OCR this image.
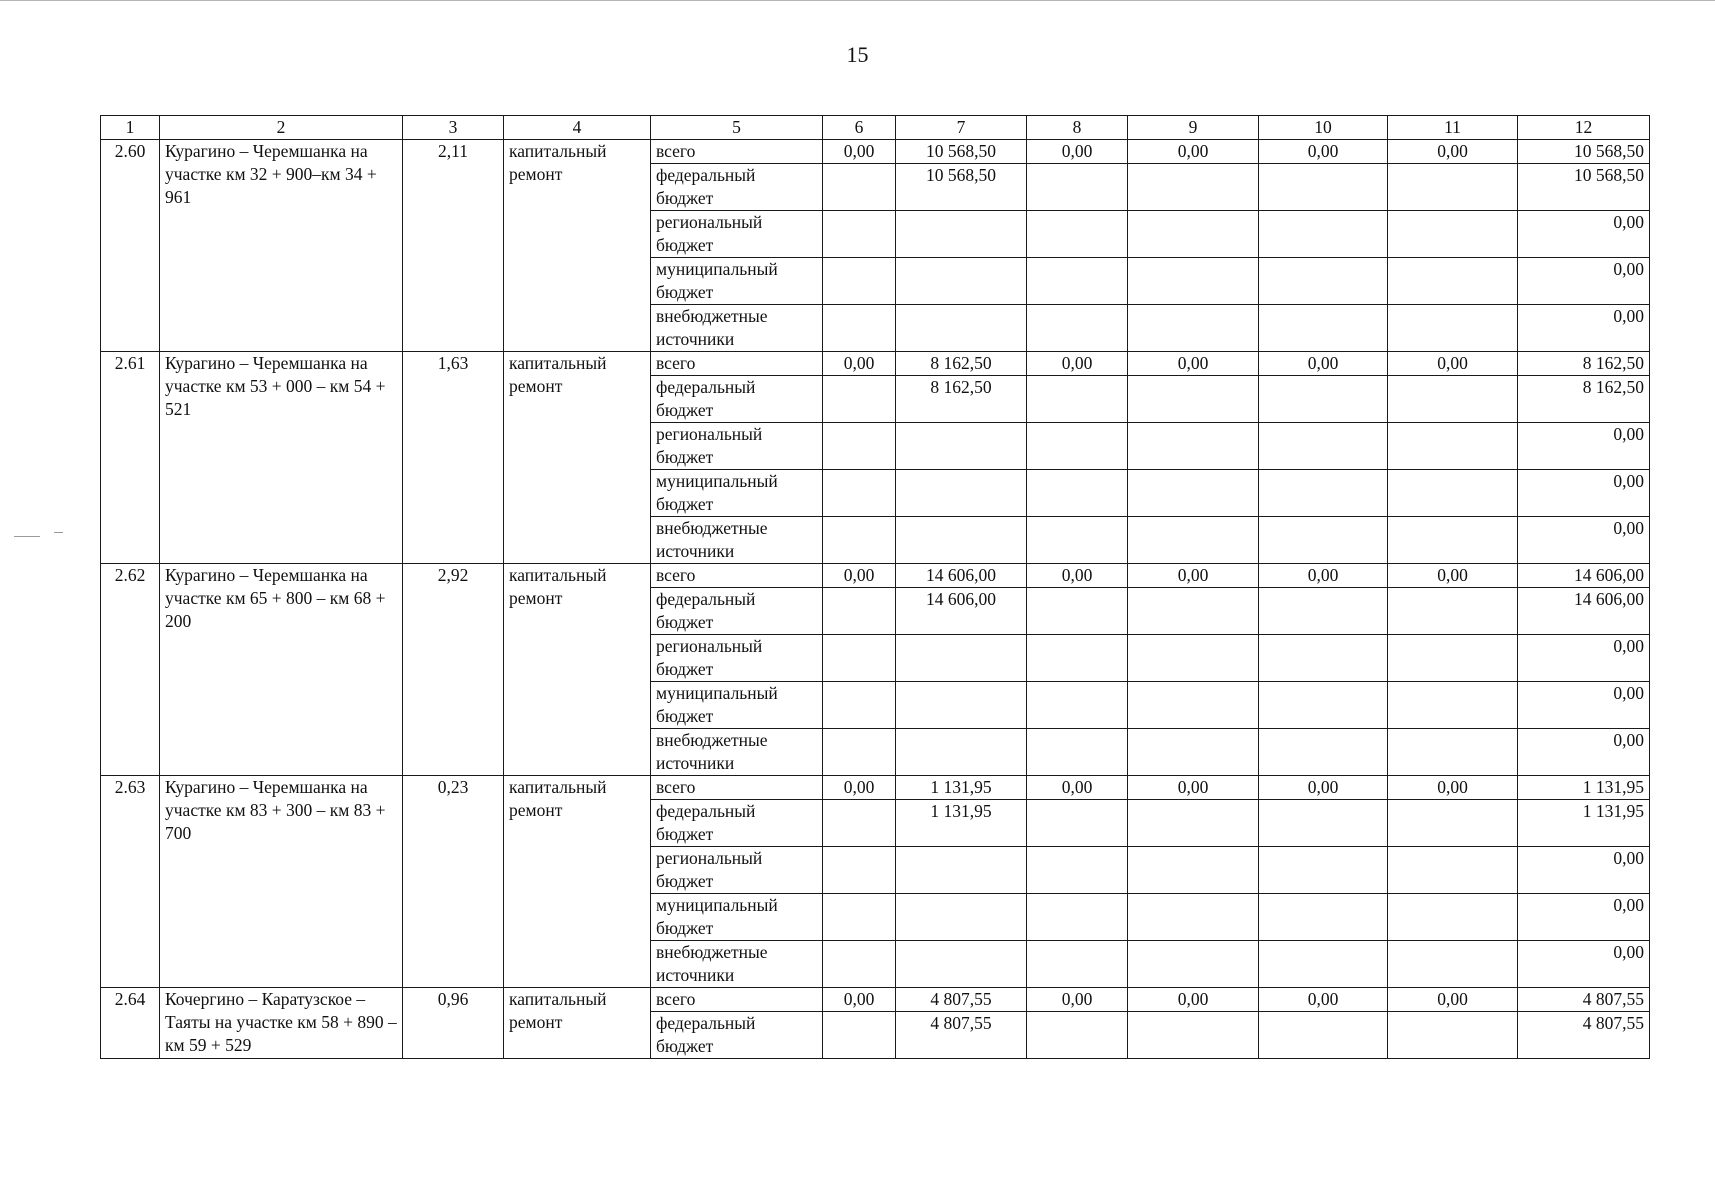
15
1	2	3	4	5	6	7	8	9	10	11	12
2.60	Курагино – Черемшанка на участке км 32 + 900–км 34 + 961	2,11	капитальный ремонт	всего	0,00	10 568,50	0,00	0,00	0,00	0,00	10 568,50
				федеральный бюджет		10 568,50					10 568,50
				региональный бюджет							0,00
				муниципальный бюджет							0,00
				внебюджетные источники							0,00
2.61	Курагино – Черемшанка на участке км 53 + 000 – км 54 + 521	1,63	капитальный ремонт	всего	0,00	8 162,50	0,00	0,00	0,00	0,00	8 162,50
				федеральный бюджет		8 162,50					8 162,50
				региональный бюджет							0,00
				муниципальный бюджет							0,00
				внебюджетные источники							0,00
2.62	Курагино – Черемшанка на участке км 65 + 800 – км 68 + 200	2,92	капитальный ремонт	всего	0,00	14 606,00	0,00	0,00	0,00	0,00	14 606,00
				федеральный бюджет		14 606,00					14 606,00
				региональный бюджет							0,00
				муниципальный бюджет							0,00
				внебюджетные источники							0,00
2.63	Курагино – Черемшанка на участке км 83 + 300 – км 83 + 700	0,23	капитальный ремонт	всего	0,00	1 131,95	0,00	0,00	0,00	0,00	1 131,95
				федеральный бюджет		1 131,95					1 131,95
				региональный бюджет							0,00
				муниципальный бюджет							0,00
				внебюджетные источники							0,00
2.64	Кочергино – Каратузское – Таяты на участке км 58 + 890 – км 59 + 529	0,96	капитальный ремонт	всего	0,00	4 807,55	0,00	0,00	0,00	0,00	4 807,55
				федеральный бюджет		4 807,55					4 807,55
